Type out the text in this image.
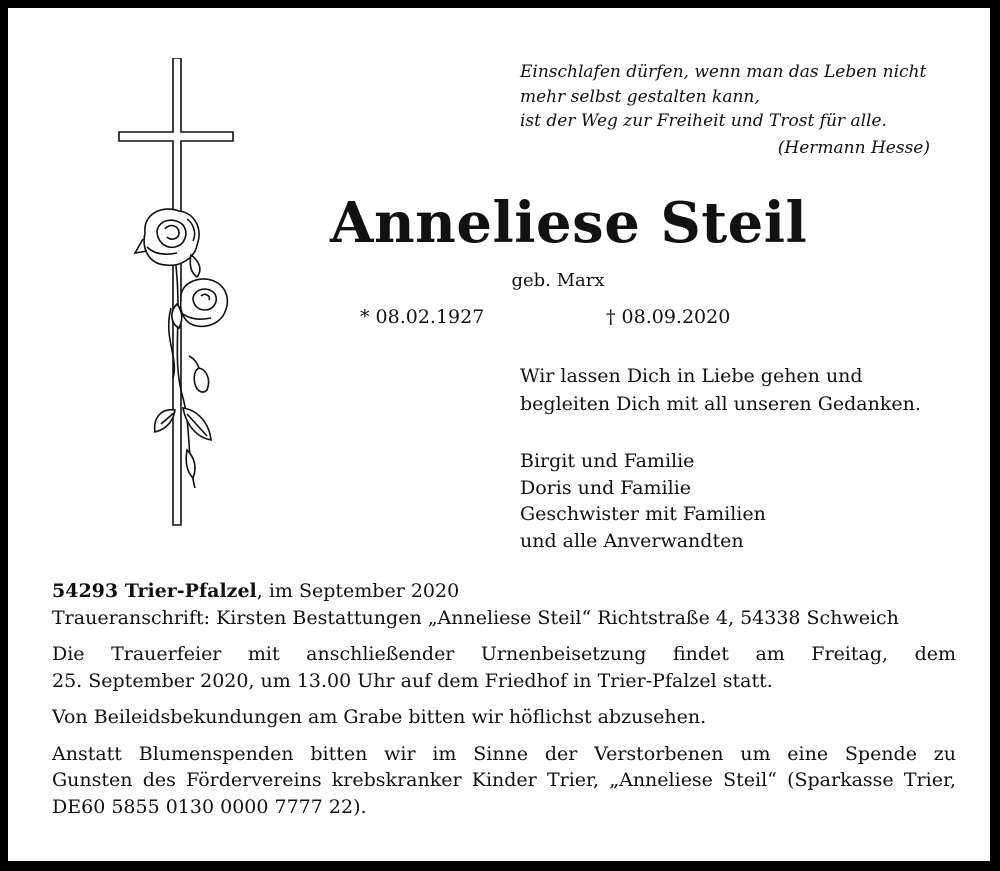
Einschlafen dürfen, wenn man das Leben nicht
mehr selbst gestalten kann,
ist der Weg zur Freiheit und Trost für alle.
(Hermann Hesse)
Anneliese Steil
geb. Marx
* 08.02.1927	† 08.09.2020
Wir lassen Dich in Liebe gehen und
begleiten Dich mit all unseren Gedanken.
Birgit und Familie
Doris und Familie
Geschwister mit Familien
und alle Anverwandten

54293 Trier-Pfalzel, im September 2020

Traueranschrift: Kirsten Bestattungen „Anneliese Steil“ Richtstraße 4, 54338 Schweich

Die Trauerfeier mit anschließender Urnenbeisetzung findet am Freitag, dem
25. September 2020, um 13.00 Uhr auf dem Friedhof in Trier-Pfalzel statt.

Von Beileidsbekundungen am Grabe bitten wir höflichst abzusehen.

Anstatt Blumenspenden bitten wir im Sinne der Verstorbenen um eine Spende zu
Gunsten des Fördervereins krebskranker Kinder Trier, „Anneliese Steil“ (Sparkasse Trier,
DE60 5855 0130 0000 7777 22).
